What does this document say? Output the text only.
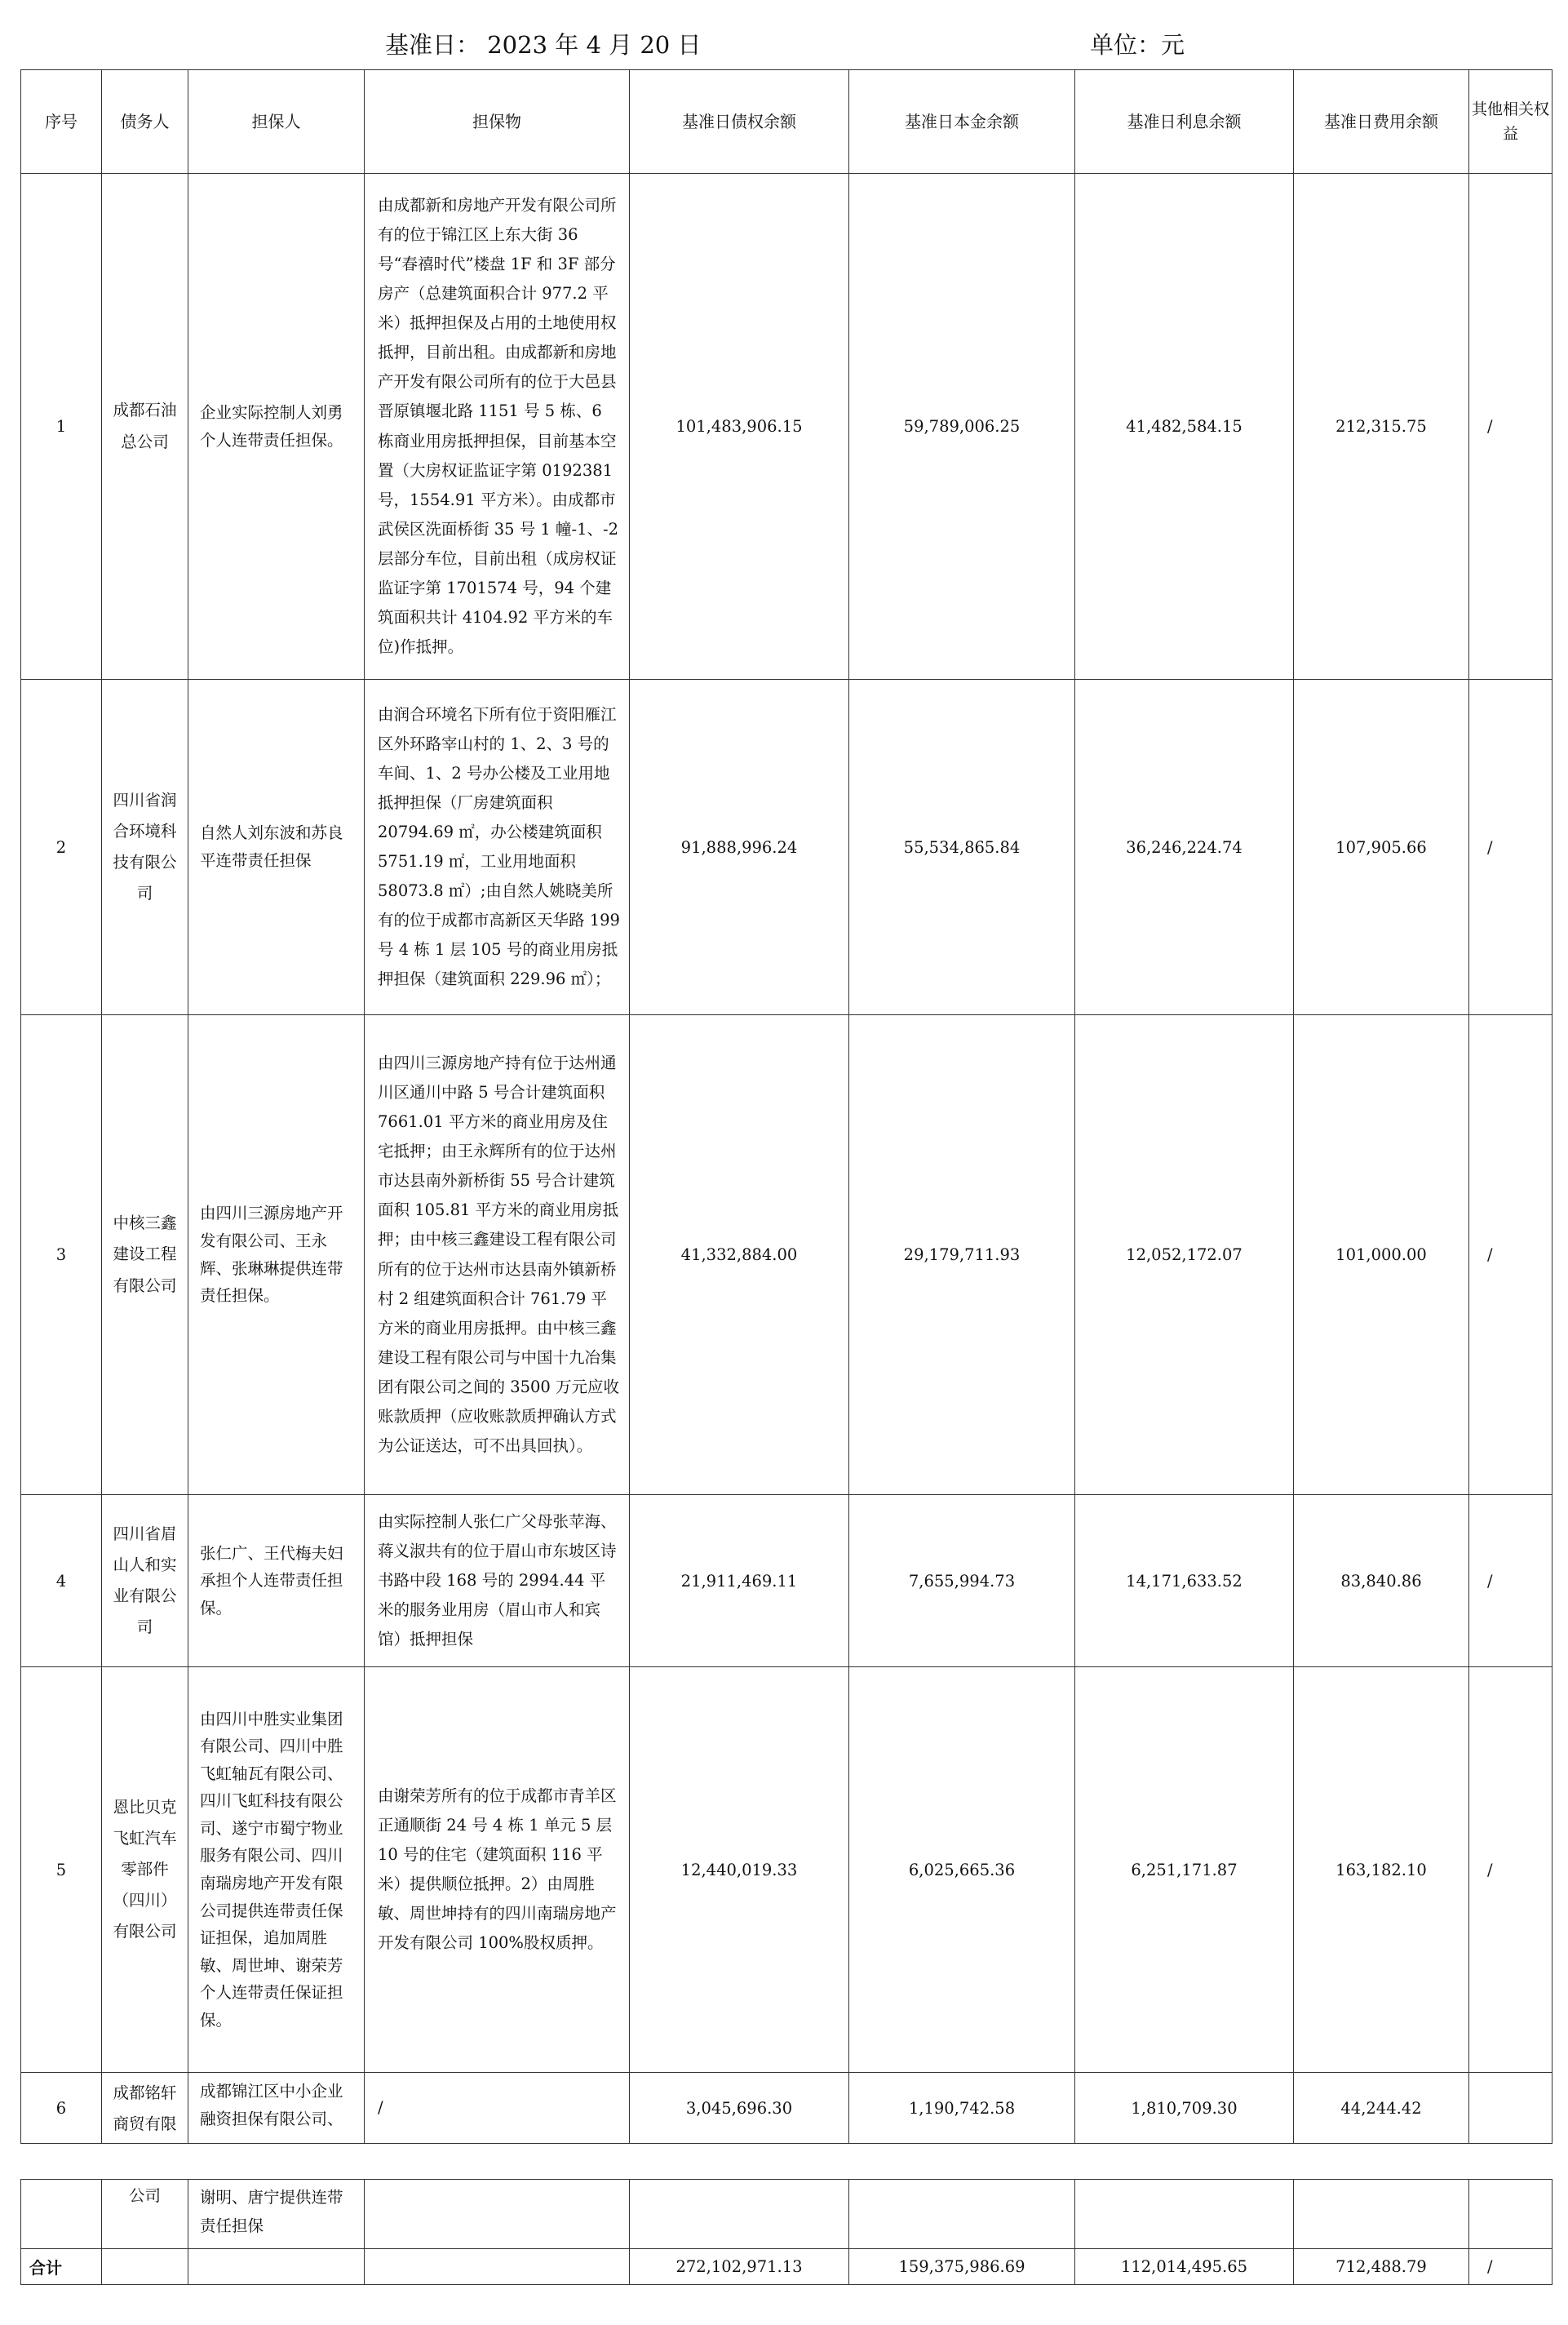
基准日： 2023 年 4 月 20 日	单位：元
序号	债务人	担保人	担保物	基准日债权余额	基准日本金余额	基准日利息余额	基准日费用余额	其他相关权益
1	成都石油总公司	企业实际控制人刘勇个人连带责任担保。	由成都新和房地产开发有限公司所有的位于锦江区上东大街 36 号“春禧时代”楼盘 1F 和 3F 部分房产（总建筑面积合计 977.2 平米）抵押担保及占用的土地使用权抵押，目前出租。由成都新和房地产开发有限公司所有的位于大邑县晋原镇堰北路 1151 号 5 栋、6 栋商业用房抵押担保，目前基本空置（大房权证监证字第 0192381 号，1554.91 平方米）。由成都市武侯区洗面桥街 35 号 1 幢-1、-2 层部分车位，目前出租（成房权证监证字第 1701574 号，94 个建筑面积共计 4104.92 平方米的车位)作抵押。	101,483,906.15	59,789,006.25	41,482,584.15	212,315.75	/
2	四川省润合环境科技有限公司	自然人刘东波和苏良平连带责任担保	由润合环境名下所有位于资阳雁江区外环路宰山村的 1、2、3 号的车间、1、2 号办公楼及工业用地抵押担保（厂房建筑面积 20794.69 ㎡，办公楼建筑面积 5751.19 ㎡，工业用地面积 58073.8 ㎡）;由自然人姚晓美所有的位于成都市高新区天华路 199 号 4 栋 1 层 105 号的商业用房抵押担保（建筑面积 229.96 ㎡）；	91,888,996.24	55,534,865.84	36,246,224.74	107,905.66	/
3	中核三鑫建设工程有限公司	由四川三源房地产开发有限公司、王永辉、张琳琳提供连带责任担保。	由四川三源房地产持有位于达州通川区通川中路 5 号合计建筑面积 7661.01 平方米的商业用房及住宅抵押；由王永辉所有的位于达州市达县南外新桥街 55 号合计建筑面积 105.81 平方米的商业用房抵押；由中核三鑫建设工程有限公司所有的位于达州市达县南外镇新桥村 2 组建筑面积合计 761.79 平方米的商业用房抵押。由中核三鑫建设工程有限公司与中国十九冶集团有限公司之间的 3500 万元应收账款质押（应收账款质押确认方式为公证送达，可不出具回执）。	41,332,884.00	29,179,711.93	12,052,172.07	101,000.00	/
4	四川省眉山人和实业有限公司	张仁广、王代梅夫妇承担个人连带责任担保。	由实际控制人张仁广父母张苹海、蒋义淑共有的位于眉山市东坡区诗书路中段 168 号的 2994.44 平米的服务业用房（眉山市人和宾馆）抵押担保	21,911,469.11	7,655,994.73	14,171,633.52	83,840.86	/
5	恩比贝克飞虹汽车零部件（四川）有限公司	由四川中胜实业集团有限公司、四川中胜飞虹轴瓦有限公司、四川飞虹科技有限公司、遂宁市蜀宁物业服务有限公司、四川南瑞房地产开发有限公司提供连带责任保证担保，追加周胜敏、周世坤、谢荣芳个人连带责任保证担保。	由谢荣芳所有的位于成都市青羊区正通顺街 24 号 4 栋 1 单元 5 层 10 号的住宅（建筑面积 116 平米）提供顺位抵押。2）由周胜敏、周世坤持有的四川南瑞房地产开发有限公司 100%股权质押。	12,440,019.33	6,025,665.36	6,251,171.87	163,182.10	/
6	成都铭轩商贸有限	成都锦江区中小企业融资担保有限公司、	/	3,045,696.30	1,190,742.58	1,810,709.30	44,244.42	
	公司	谢明、唐宁提供连带责任担保						
合计				272,102,971.13	159,375,986.69	112,014,495.65	712,488.79	/
